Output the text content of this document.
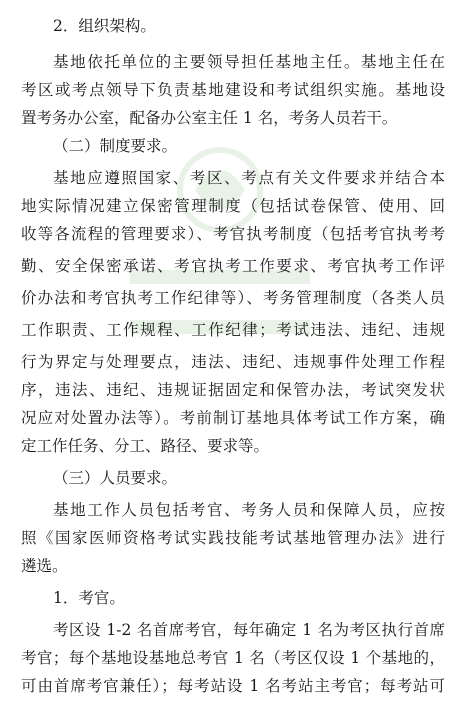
2．组织架构。
基地依托单位的主要领导担任基地主任。基地主任在
考区或考点领导下负责基地建设和考试组织实施。基地设
置考务办公室，配备办公室主任 1 名，考务人员若干。
（二）制度要求。
基地应遵照国家、考区、考点有关文件要求并结合本
地实际情况建立保密管理制度（包括试卷保管、使用、回
收等各流程的管理要求）、考官执考制度（包括考官执考考
勤、安全保密承诺、考官执考工作要求、考官执考工作评
价办法和考官执考工作纪律等）、考务管理制度（各类人员
工作职责、工作规程、工作纪律；考试违法、违纪、违规
行为界定与处理要点，违法、违纪、违规事件处理工作程
序，违法、违纪、违规证据固定和保管办法，考试突发状
况应对处置办法等）。考前制订基地具体考试工作方案，确
定工作任务、分工、路径、要求等。
（三）人员要求。
基地工作人员包括考官、考务人员和保障人员，应按
照《国家医师资格考试实践技能考试基地管理办法》进行
遴选。
1．考官。
考区设 1-2 名首席考官，每年确定 1 名为考区执行首席
考官；每个基地设基地总考官 1 名（考区仅设 1 个基地的，
可由首席考官兼任）；每考站设 1 名考站主考官；每考站可
